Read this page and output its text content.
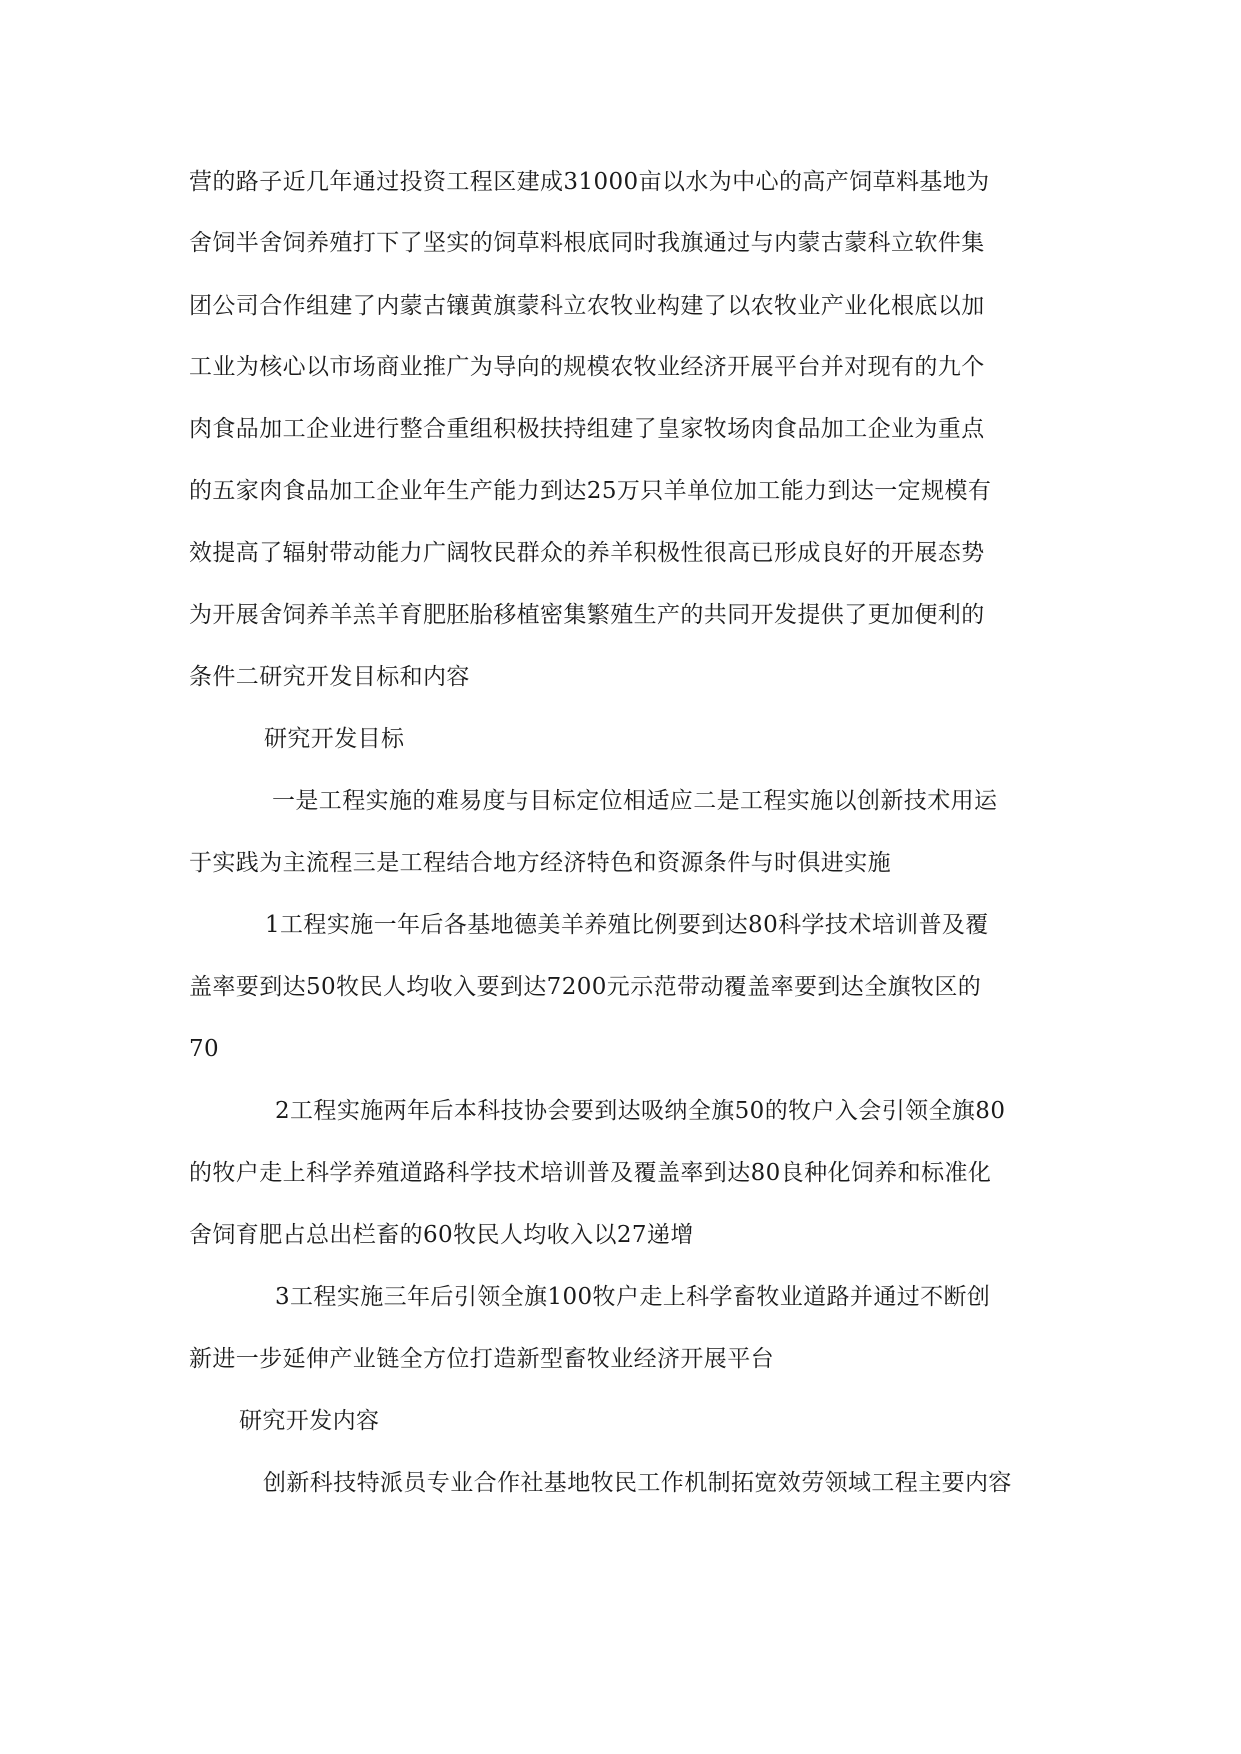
营的路子近几年通过投资工程区建成31000亩以水为中心的高产饲草料基地为
舍饲半舍饲养殖打下了坚实的饲草料根底同时我旗通过与内蒙古蒙科立软件集
团公司合作组建了内蒙古镶黄旗蒙科立农牧业构建了以农牧业产业化根底以加
工业为核心以市场商业推广为导向的规模农牧业经济开展平台并对现有的九个
肉食品加工企业进行整合重组积极扶持组建了皇家牧场肉食品加工企业为重点
的五家肉食品加工企业年生产能力到达25万只羊单位加工能力到达一定规模有
效提高了辐射带动能力广阔牧民群众的养羊积极性很高已形成良好的开展态势
为开展舍饲养羊羔羊育肥胚胎移植密集繁殖生产的共同开发提供了更加便利的
条件二研究开发目标和内容
研究开发目标
一是工程实施的难易度与目标定位相适应二是工程实施以创新技术用运
于实践为主流程三是工程结合地方经济特色和资源条件与时俱进实施
1工程实施一年后各基地德美羊养殖比例要到达80科学技术培训普及覆
盖率要到达50牧民人均收入要到达7200元示范带动覆盖率要到达全旗牧区的
70
2工程实施两年后本科技协会要到达吸纳全旗50的牧户入会引领全旗80
的牧户走上科学养殖道路科学技术培训普及覆盖率到达80良种化饲养和标准化
舍饲育肥占总出栏畜的60牧民人均收入以27递增
3工程实施三年后引领全旗100牧户走上科学畜牧业道路并通过不断创
新进一步延伸产业链全方位打造新型畜牧业经济开展平台
研究开发内容
创新科技特派员专业合作社基地牧民工作机制拓宽效劳领域工程主要内容
